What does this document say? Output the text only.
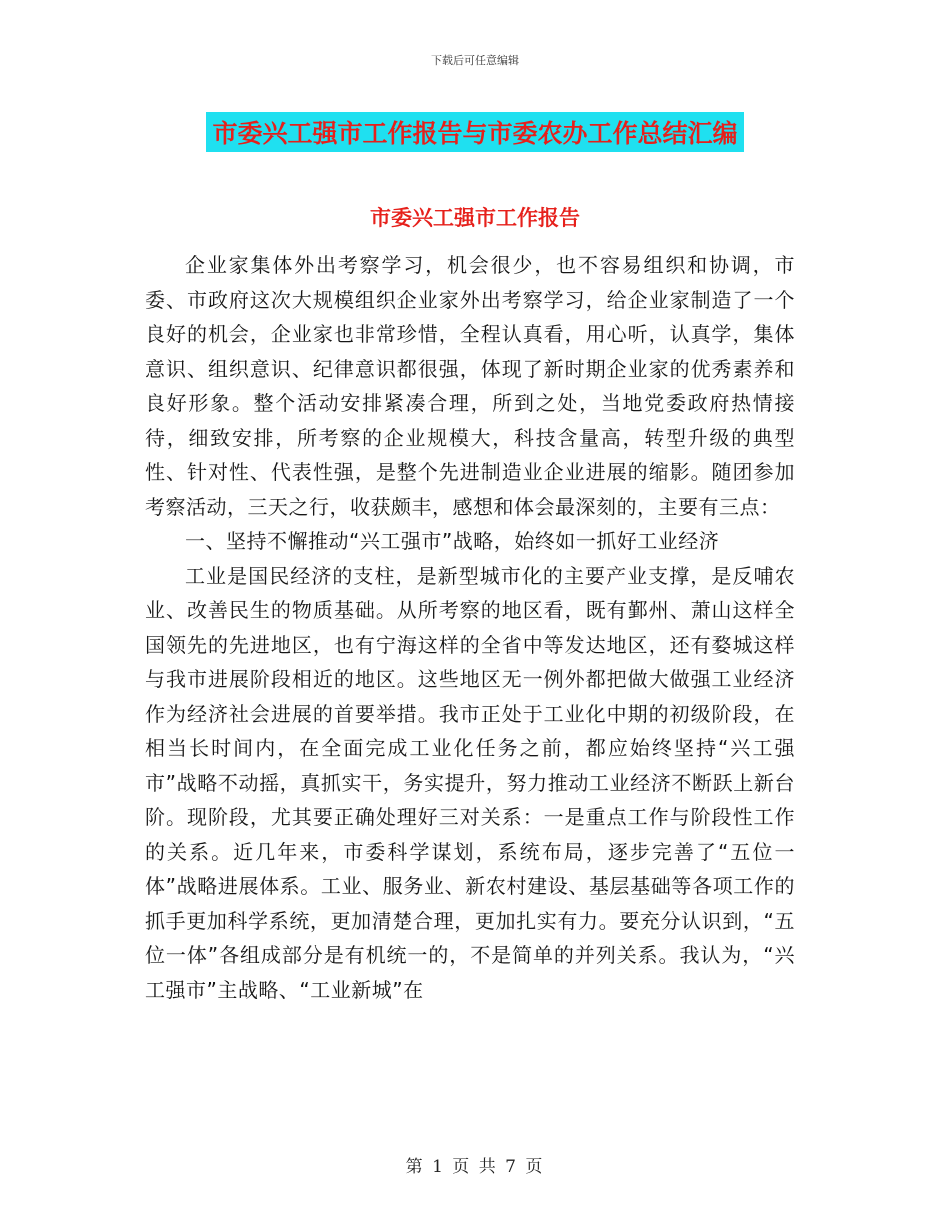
下载后可任意编辑
市委兴工强市工作报告与市委农办工作总结汇编
市委兴工强市工作报告

企业家集体外出考察学习，机会很少，也不容易组织和协调，市委、市政府这次大规模组织企业家外出考察学习，给企业家制造了一个良好的机会，企业家也非常珍惜，全程认真看，用心听，认真学，集体意识、组织意识、纪律意识都很强，体现了新时期企业家的优秀素养和良好形象。整个活动安排紧凑合理，所到之处，当地党委政府热情接待，细致安排，所考察的企业规模大，科技含量高，转型升级的典型性、针对性、代表性强，是整个先进制造业企业进展的缩影。随团参加考察活动，三天之行，收获颇丰，感想和体会最深刻的，主要有三点：

一、坚持不懈推动“兴工强市”战略，始终如一抓好工业经济

工业是国民经济的支柱，是新型城市化的主要产业支撑，是反哺农业、改善民生的物质基础。从所考察的地区看，既有鄞州、萧山这样全国领先的先进地区，也有宁海这样的全省中等发达地区，还有婺城这样与我市进展阶段相近的地区。这些地区无一例外都把做大做强工业经济作为经济社会进展的首要举措。我市正处于工业化中期的初级阶段，在相当长时间内，在全面完成工业化任务之前，都应始终坚持“兴工强市”战略不动摇，真抓实干，务实提升，努力推动工业经济不断跃上新台阶。现阶段，尤其要正确处理好三对关系：一是重点工作与阶段性工作的关系。近几年来，市委科学谋划，系统布局，逐步完善了“五位一体”战略进展体系。工业、服务业、新农村建设、基层基础等各项工作的抓手更加科学系统，更加清楚合理，更加扎实有力。要充分认识到，“五位一体”各组成部分是有机统一的，不是简单的并列关系。我认为，“兴工强市”主战略、“工业新城”在

第 1 页 共 7 页
